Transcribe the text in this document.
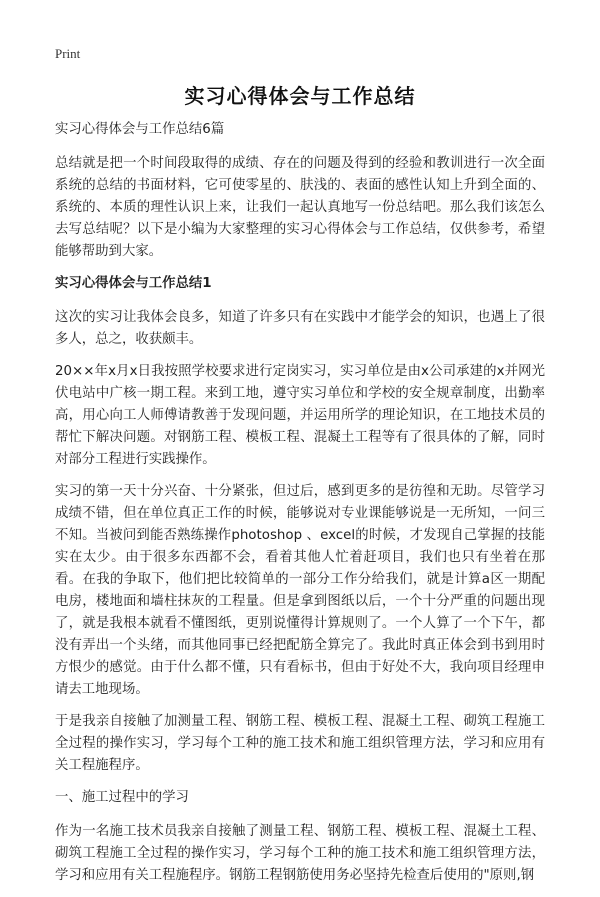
Print
实习心得体会与工作总结

实习心得体会与工作总结6篇

总结就是把一个时间段取得的成绩、存在的问题及得到的经验和教训进行一次全面系统的总结的书面材料，它可使零星的、肤浅的、表面的感性认知上升到全面的、系统的、本质的理性认识上来，让我们一起认真地写一份总结吧。那么我们该怎么去写总结呢？以下是小编为大家整理的实习心得体会与工作总结，仅供参考，希望能够帮助到大家。

实习心得体会与工作总结1

这次的实习让我体会良多，知道了许多只有在实践中才能学会的知识，也遇上了很多人，总之，收获颇丰。

20××年x月x日我按照学校要求进行定岗实习，实习单位是由x公司承建的x并网光伏电站中广核一期工程。来到工地，遵守实习单位和学校的安全规章制度，出勤率高，用心向工人师傅请教善于发现问题，并运用所学的理论知识，在工地技术员的帮忙下解决问题。对钢筋工程、模板工程、混凝土工程等有了很具体的了解，同时对部分工程进行实践操作。

实习的第一天十分兴奋、十分紧张，但过后，感到更多的是彷徨和无助。尽管学习成绩不错，但在单位真正工作的时候，能够说对专业课能够说是一无所知，一问三不知。当被问到能否熟练操作photoshop 、excel的时候，才发现自己掌握的技能实在太少。由于很多东西都不会，看着其他人忙着赶项目，我们也只有坐着在那看。在我的争取下，他们把比较简单的一部分工作分给我们，就是计算a区一期配电房，楼地面和墙柱抹灰的工程量。但是拿到图纸以后，一个十分严重的问题出现了，就是我根本就看不懂图纸，更别说懂得计算规则了。一个人算了一个下午，都没有弄出一个头绪，而其他同事已经把配筋全算完了。我此时真正体会到书到用时方恨少的感觉。由于什么都不懂，只有看标书，但由于好处不大，我向项目经理申请去工地现场。

于是我亲自接触了加测量工程、钢筋工程、模板工程、混凝土工程、砌筑工程施工全过程的操作实习，学习每个工种的施工技术和施工组织管理方法，学习和应用有关工程施程序。

一、施工过程中的学习

作为一名施工技术员我亲自接触了测量工程、钢筋工程、模板工程、混凝土工程、砌筑工程施工全过程的操作实习，学习每个工种的施工技术和施工组织管理方法，学习和应用有关工程施程序。钢筋工程钢筋使用务必坚持先检查后使用的"原则,钢
